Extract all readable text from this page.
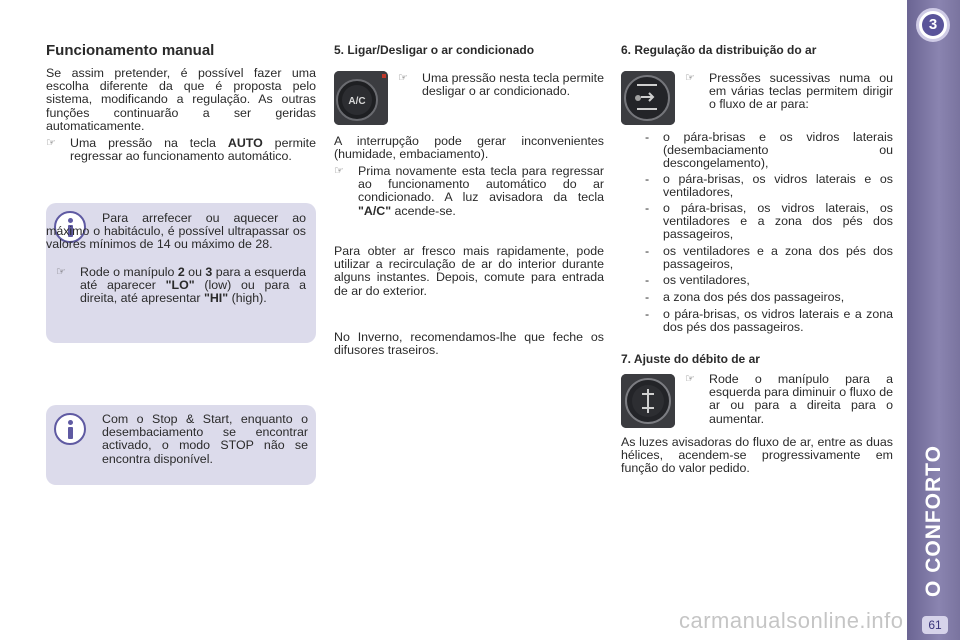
Funcionamento manual

Se assim pretender, é possível fazer uma escolha diferente da que é proposta pelo sistema, modificando a regulação. As outras funções continuarão a ser geridas automaticamente.

☞ Uma pressão na tecla AUTO permite regressar ao funcionamento automático.
Para arrefecer ou aquecer ao máximo o habitáculo, é possível ultrapassar os valores mínimos de 14 ou máximo de 28.
☞ Rode o manípulo 2 ou 3 para a esquerda até aparecer "LO" (low) ou para a direita, até apresentar "HI" (high).
Com o Stop & Start, enquanto o desembaciamento se encontrar activado, o modo STOP não se encontra disponível.
5. Ligar/Desligar o ar condicionado
A/C
☞ Uma pressão nesta tecla permite desligar o ar condicionado.

A interrupção pode gerar inconvenientes (humidade, embaciamento).

☞ Prima novamente esta tecla para regressar ao funcionamento automático do ar condicionado. A luz avisadora da tecla "A/C" acende-se.

Para obter ar fresco mais rapidamente, pode utilizar a recirculação de ar do interior durante alguns instantes. Depois, comute para entrada de ar do exterior.

No Inverno, recomendamos-lhe que feche os difusores traseiros.

6. Regulação da distribuição do ar
☞ Pressões sucessivas numa ou em várias teclas permitem dirigir o fluxo de ar para:
- o pára-brisas e os vidros laterais (desembaciamento ou descongelamento),
- o pára-brisas, os vidros laterais e os ventiladores,
- o pára-brisas, os vidros laterais, os ventiladores e a zona dos pés dos passageiros,
- os ventiladores e a zona dos pés dos passageiros,
- os ventiladores,
- a zona dos pés dos passageiros,
- o pára-brisas, os vidros laterais e a zona dos pés dos passageiros.
7. Ajuste do débito de ar
☞ Rode o manípulo para a esquerda para diminuir o fluxo de ar ou para a direita para o aumentar.

As luzes avisadoras do fluxo de ar, entre as duas hélices, acendem-se progressivamente em função do valor pedido.

3
O CONFORTO
61
carmanualsonline.info
